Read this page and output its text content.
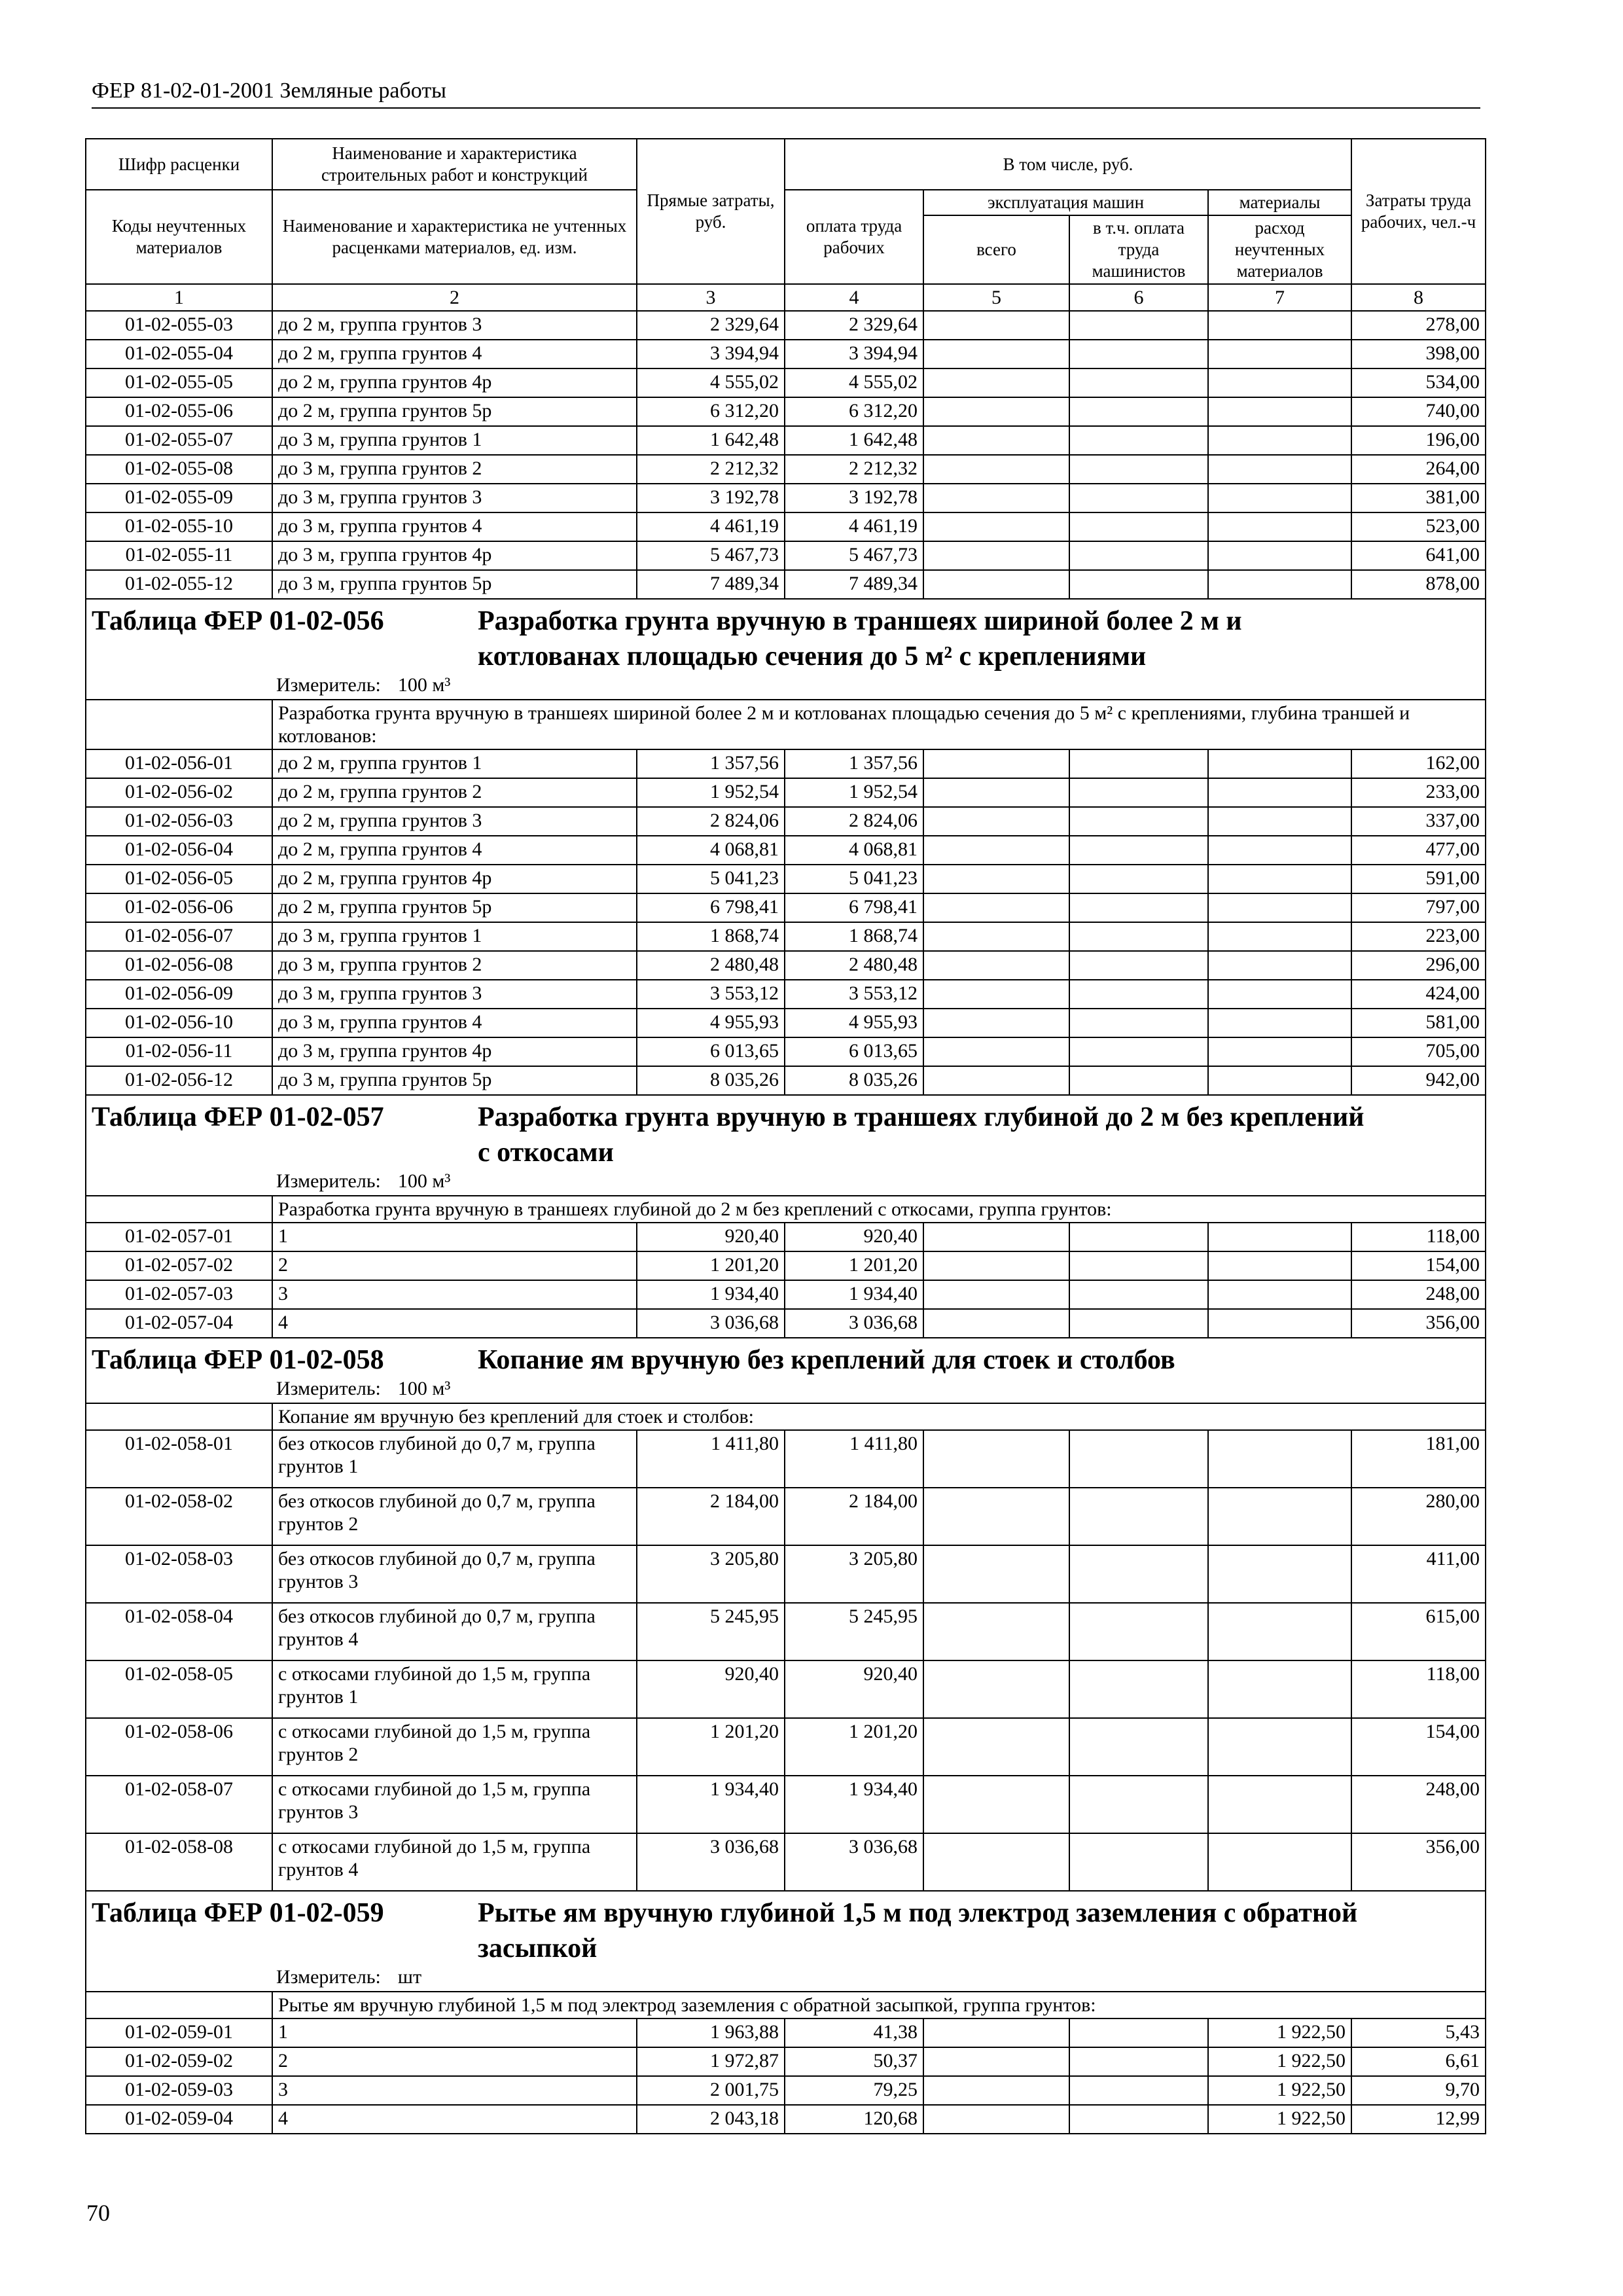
ФЕР 81-02-01-2001 Земляные работы
Шифр расценки	Наименование и характеристика строительных работ и конструкций	Прямые затраты, руб.	В том числе, руб.				Затраты труда рабочих, чел.-ч
Коды неучтенных материалов	Наименование и характеристика не учтенных расценками материалов, ед. изм.		оплата труда рабочих	эксплуатация машин		материалы	
				всего	в т.ч. оплата труда машинистов	расход неучтенных материалов	
1	2	3	4	5	6	7	8
01-02-055-03	до 2 м, группа грунтов 3	2 329,64	2 329,64				278,00
01-02-055-04	до 2 м, группа грунтов 4	3 394,94	3 394,94				398,00
01-02-055-05	до 2 м, группа грунтов 4р	4 555,02	4 555,02				534,00
01-02-055-06	до 2 м, группа грунтов 5р	6 312,20	6 312,20				740,00
01-02-055-07	до 3 м, группа грунтов 1	1 642,48	1 642,48				196,00
01-02-055-08	до 3 м, группа грунтов 2	2 212,32	2 212,32				264,00
01-02-055-09	до 3 м, группа грунтов 3	3 192,78	3 192,78				381,00
01-02-055-10	до 3 м, группа грунтов 4	4 461,19	4 461,19				523,00
01-02-055-11	до 3 м, группа грунтов 4р	5 467,73	5 467,73				641,00
01-02-055-12	до 3 м, группа грунтов 5р	7 489,34	7 489,34				878,00

Таблица ФЕР 01-02-056 Разработка грунта вручную в траншеях шириной более 2 м и
котлованах площадью сечения до 5 м² с креплениями
Измеритель: 100 м³							

	Разработка грунта вручную в траншеях шириной более 2 м и котлованах площадью сечения до 5 м² с креплениями, глубина траншей и котлованов:						
01-02-056-01	до 2 м, группа грунтов 1	1 357,56	1 357,56				162,00
01-02-056-02	до 2 м, группа грунтов 2	1 952,54	1 952,54				233,00
01-02-056-03	до 2 м, группа грунтов 3	2 824,06	2 824,06				337,00
01-02-056-04	до 2 м, группа грунтов 4	4 068,81	4 068,81				477,00
01-02-056-05	до 2 м, группа грунтов 4р	5 041,23	5 041,23				591,00
01-02-056-06	до 2 м, группа грунтов 5р	6 798,41	6 798,41				797,00
01-02-056-07	до 3 м, группа грунтов 1	1 868,74	1 868,74				223,00
01-02-056-08	до 3 м, группа грунтов 2	2 480,48	2 480,48				296,00
01-02-056-09	до 3 м, группа грунтов 3	3 553,12	3 553,12				424,00
01-02-056-10	до 3 м, группа грунтов 4	4 955,93	4 955,93				581,00
01-02-056-11	до 3 м, группа грунтов 4р	6 013,65	6 013,65				705,00
01-02-056-12	до 3 м, группа грунтов 5р	8 035,26	8 035,26				942,00

Таблица ФЕР 01-02-057 Разработка грунта вручную в траншеях глубиной до 2 м без креплений
с откосами
Измеритель: 100 м³							

	Разработка грунта вручную в траншеях глубиной до 2 м без креплений с откосами, группа грунтов:						
01-02-057-01	1	920,40	920,40				118,00
01-02-057-02	2	1 201,20	1 201,20				154,00
01-02-057-03	3	1 934,40	1 934,40				248,00
01-02-057-04	4	3 036,68	3 036,68				356,00

Таблица ФЕР 01-02-058 Копание ям вручную без креплений для стоек и столбов
Измеритель: 100 м³							

	Копание ям вручную без креплений для стоек и столбов:						
01-02-058-01	без откосов глубиной до 0,7 м, группа грунтов 1	1 411,80	1 411,80				181,00
01-02-058-02	без откосов глубиной до 0,7 м, группа грунтов 2	2 184,00	2 184,00				280,00
01-02-058-03	без откосов глубиной до 0,7 м, группа грунтов 3	3 205,80	3 205,80				411,00
01-02-058-04	без откосов глубиной до 0,7 м, группа грунтов 4	5 245,95	5 245,95				615,00
01-02-058-05	с откосами глубиной до 1,5 м, группа грунтов 1	920,40	920,40				118,00
01-02-058-06	с откосами глубиной до 1,5 м, группа грунтов 2	1 201,20	1 201,20				154,00
01-02-058-07	с откосами глубиной до 1,5 м, группа грунтов 3	1 934,40	1 934,40				248,00
01-02-058-08	с откосами глубиной до 1,5 м, группа грунтов 4	3 036,68	3 036,68				356,00

Таблица ФЕР 01-02-059 Рытье ям вручную глубиной 1,5 м под электрод заземления с обратной
засыпкой
Измеритель: шт							

	Рытье ям вручную глубиной 1,5 м под электрод заземления с обратной засыпкой, группа грунтов:						
01-02-059-01	1	1 963,88	41,38			1 922,50	5,43
01-02-059-02	2	1 972,87	50,37			1 922,50	6,61
01-02-059-03	3	2 001,75	79,25			1 922,50	9,70
01-02-059-04	4	2 043,18	120,68			1 922,50	12,99
70
